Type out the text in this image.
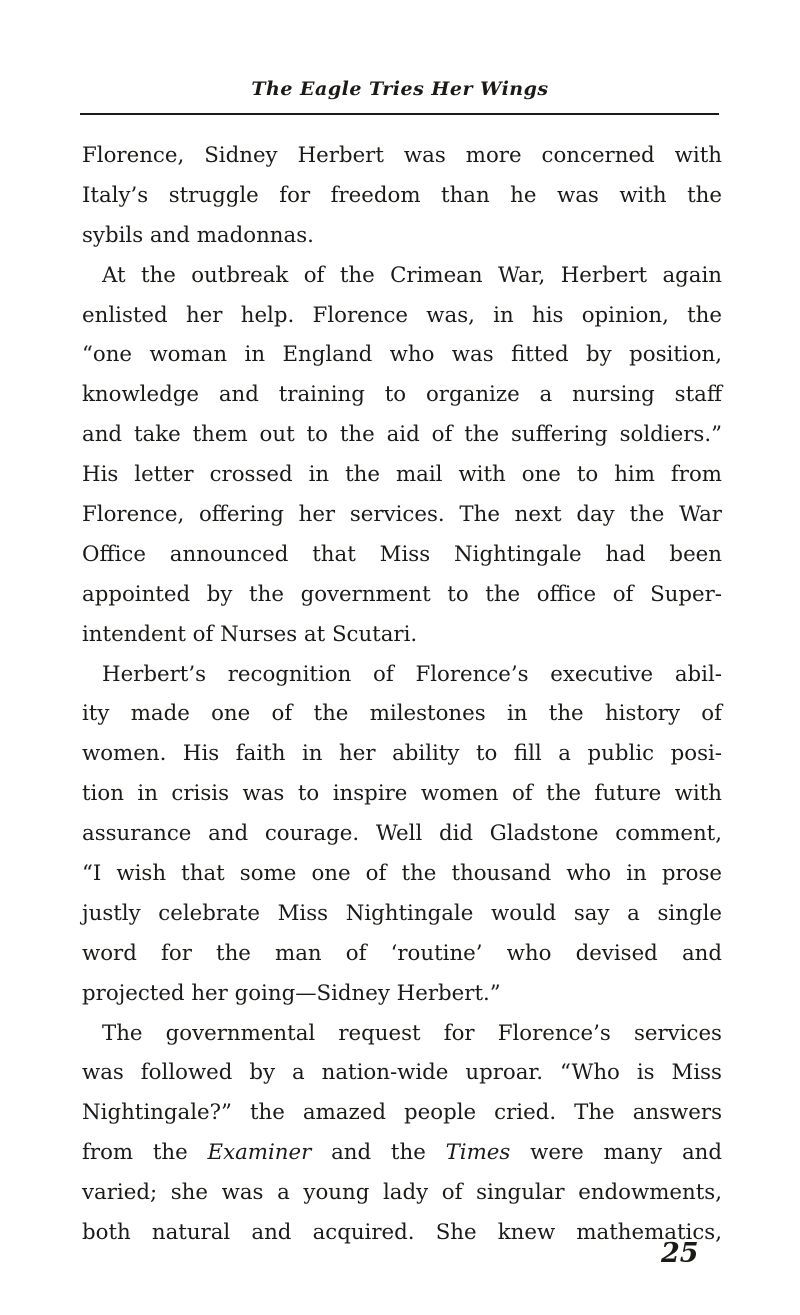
The Eagle Tries Her Wings
Florence, Sidney Herbert was more concerned with
Italy’s struggle for freedom than he was with the
sybils and madonnas.
At the outbreak of the Crimean War, Herbert again
enlisted her help. Florence was, in his opinion, the
“one woman in England who was fitted by position,
knowledge and training to organize a nursing staff
and take them out to the aid of the suffering soldiers.”
His letter crossed in the mail with one to him from
Florence, offering her services. The next day the War
Office announced that Miss Nightingale had been
appointed by the government to the office of Super-
intendent of Nurses at Scutari.
Herbert’s recognition of Florence’s executive abil-
ity made one of the milestones in the history of
women. His faith in her ability to fill a public posi-
tion in crisis was to inspire women of the future with
assurance and courage. Well did Gladstone comment,
“I wish that some one of the thousand who in prose
justly celebrate Miss Nightingale would say a single
word for the man of ‘routine’ who devised and
projected her going—Sidney Herbert.”
The governmental request for Florence’s services
was followed by a nation-wide uproar. “Who is Miss
Nightingale?” the amazed people cried. The answers
from the Examiner and the Times were many and
varied; she was a young lady of singular endowments,
both natural and acquired. She knew mathematics,
25
